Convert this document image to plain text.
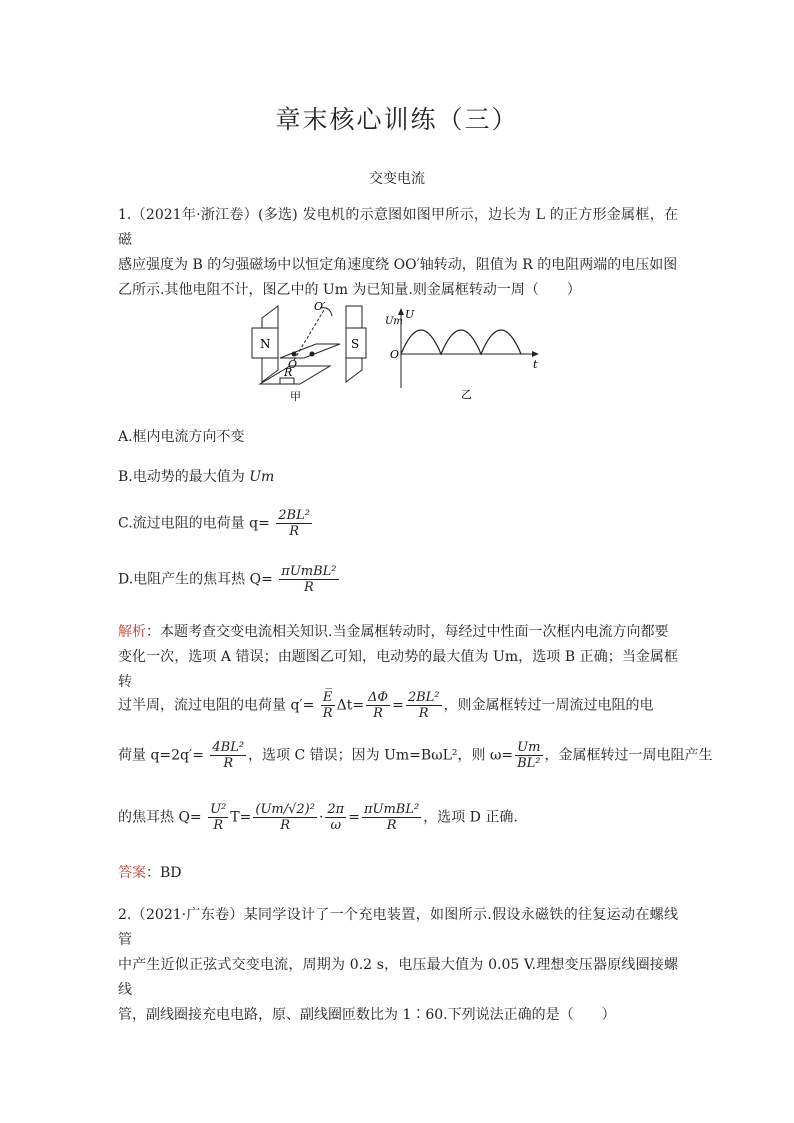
章末核心训练（三）
交变电流
1.（2021年·浙江卷）(多选) 发电机的示意图如图甲所示，边长为 L 的正方形金属框，在磁
感应强度为 B 的匀强磁场中以恒定角速度绕 OO′轴转动，阻值为 R 的电阻两端的电压如图
乙所示.其他电阻不计，图乙中的 Um 为已知量.则金属框转动一周（　　）
N	S
O′
O
R
甲
Um
U
O
t
乙
A.框内电流方向不变
B.电动势的最大值为 Um
C.流过电阻的电荷量 $q= \frac{\text{2BL²}}{R}$
D.电阻产生的焦耳热 $Q= \frac{\text{πUmBL²}}{R}$
解析：本题考查交变电流相关知识.当金属框转动时，每经过中性面一次框内电流方向都要
变化一次，选项 A 错误；由题图乙可知，电动势的最大值为 Um，选项 B 正确；当金属框转
过半周，流过电阻的电荷量 $q'= \frac{E̅}{R} \Delta t= \frac{\Delta\Phi}{R} = \frac{\text{2BL²}}{R}$ ，则金属框转过一周流过电阻的电
荷量 $q=2q'= \frac{\text{4BL²}}{R}$ ，选项 C 错误；因为 Um=BωL²，则 $\omega= \frac{Um}{\text{BL²}}$ ，金属框转过一周电阻产生
的焦耳热 $Q= \frac{\text{U²}}{R} T= \frac{\text{(Um/√2)²}}{R} \cdot \frac{2\pi}{\omega} = \frac{\text{πUmBL²}}{R}$ ，选项 D 正确.
答案：BD
2.（2021·广东卷）某同学设计了一个充电装置，如图所示.假设永磁铁的往复运动在螺线管
中产生近似正弦式交变电流，周期为 0.2 s，电压最大值为 0.05 V.理想变压器原线圈接螺线
管，副线圈接充电电路，原、副线圈匝数比为 1∶60.下列说法正确的是（　　）
